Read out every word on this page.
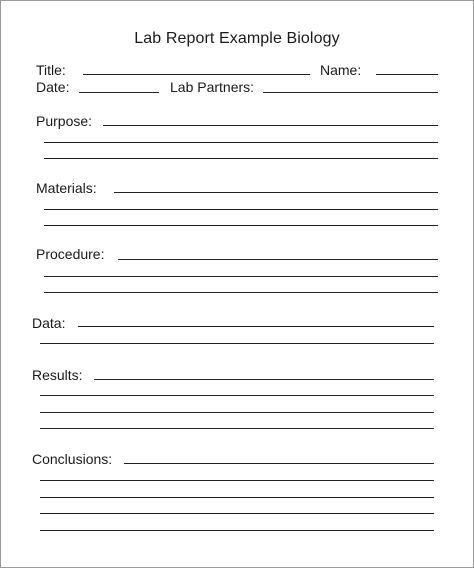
Lab Report Example Biology
Title:	Name:
Date:	Lab Partners:
Purpose:
Materials:
Procedure:
Data:
Results:
Conclusions:
